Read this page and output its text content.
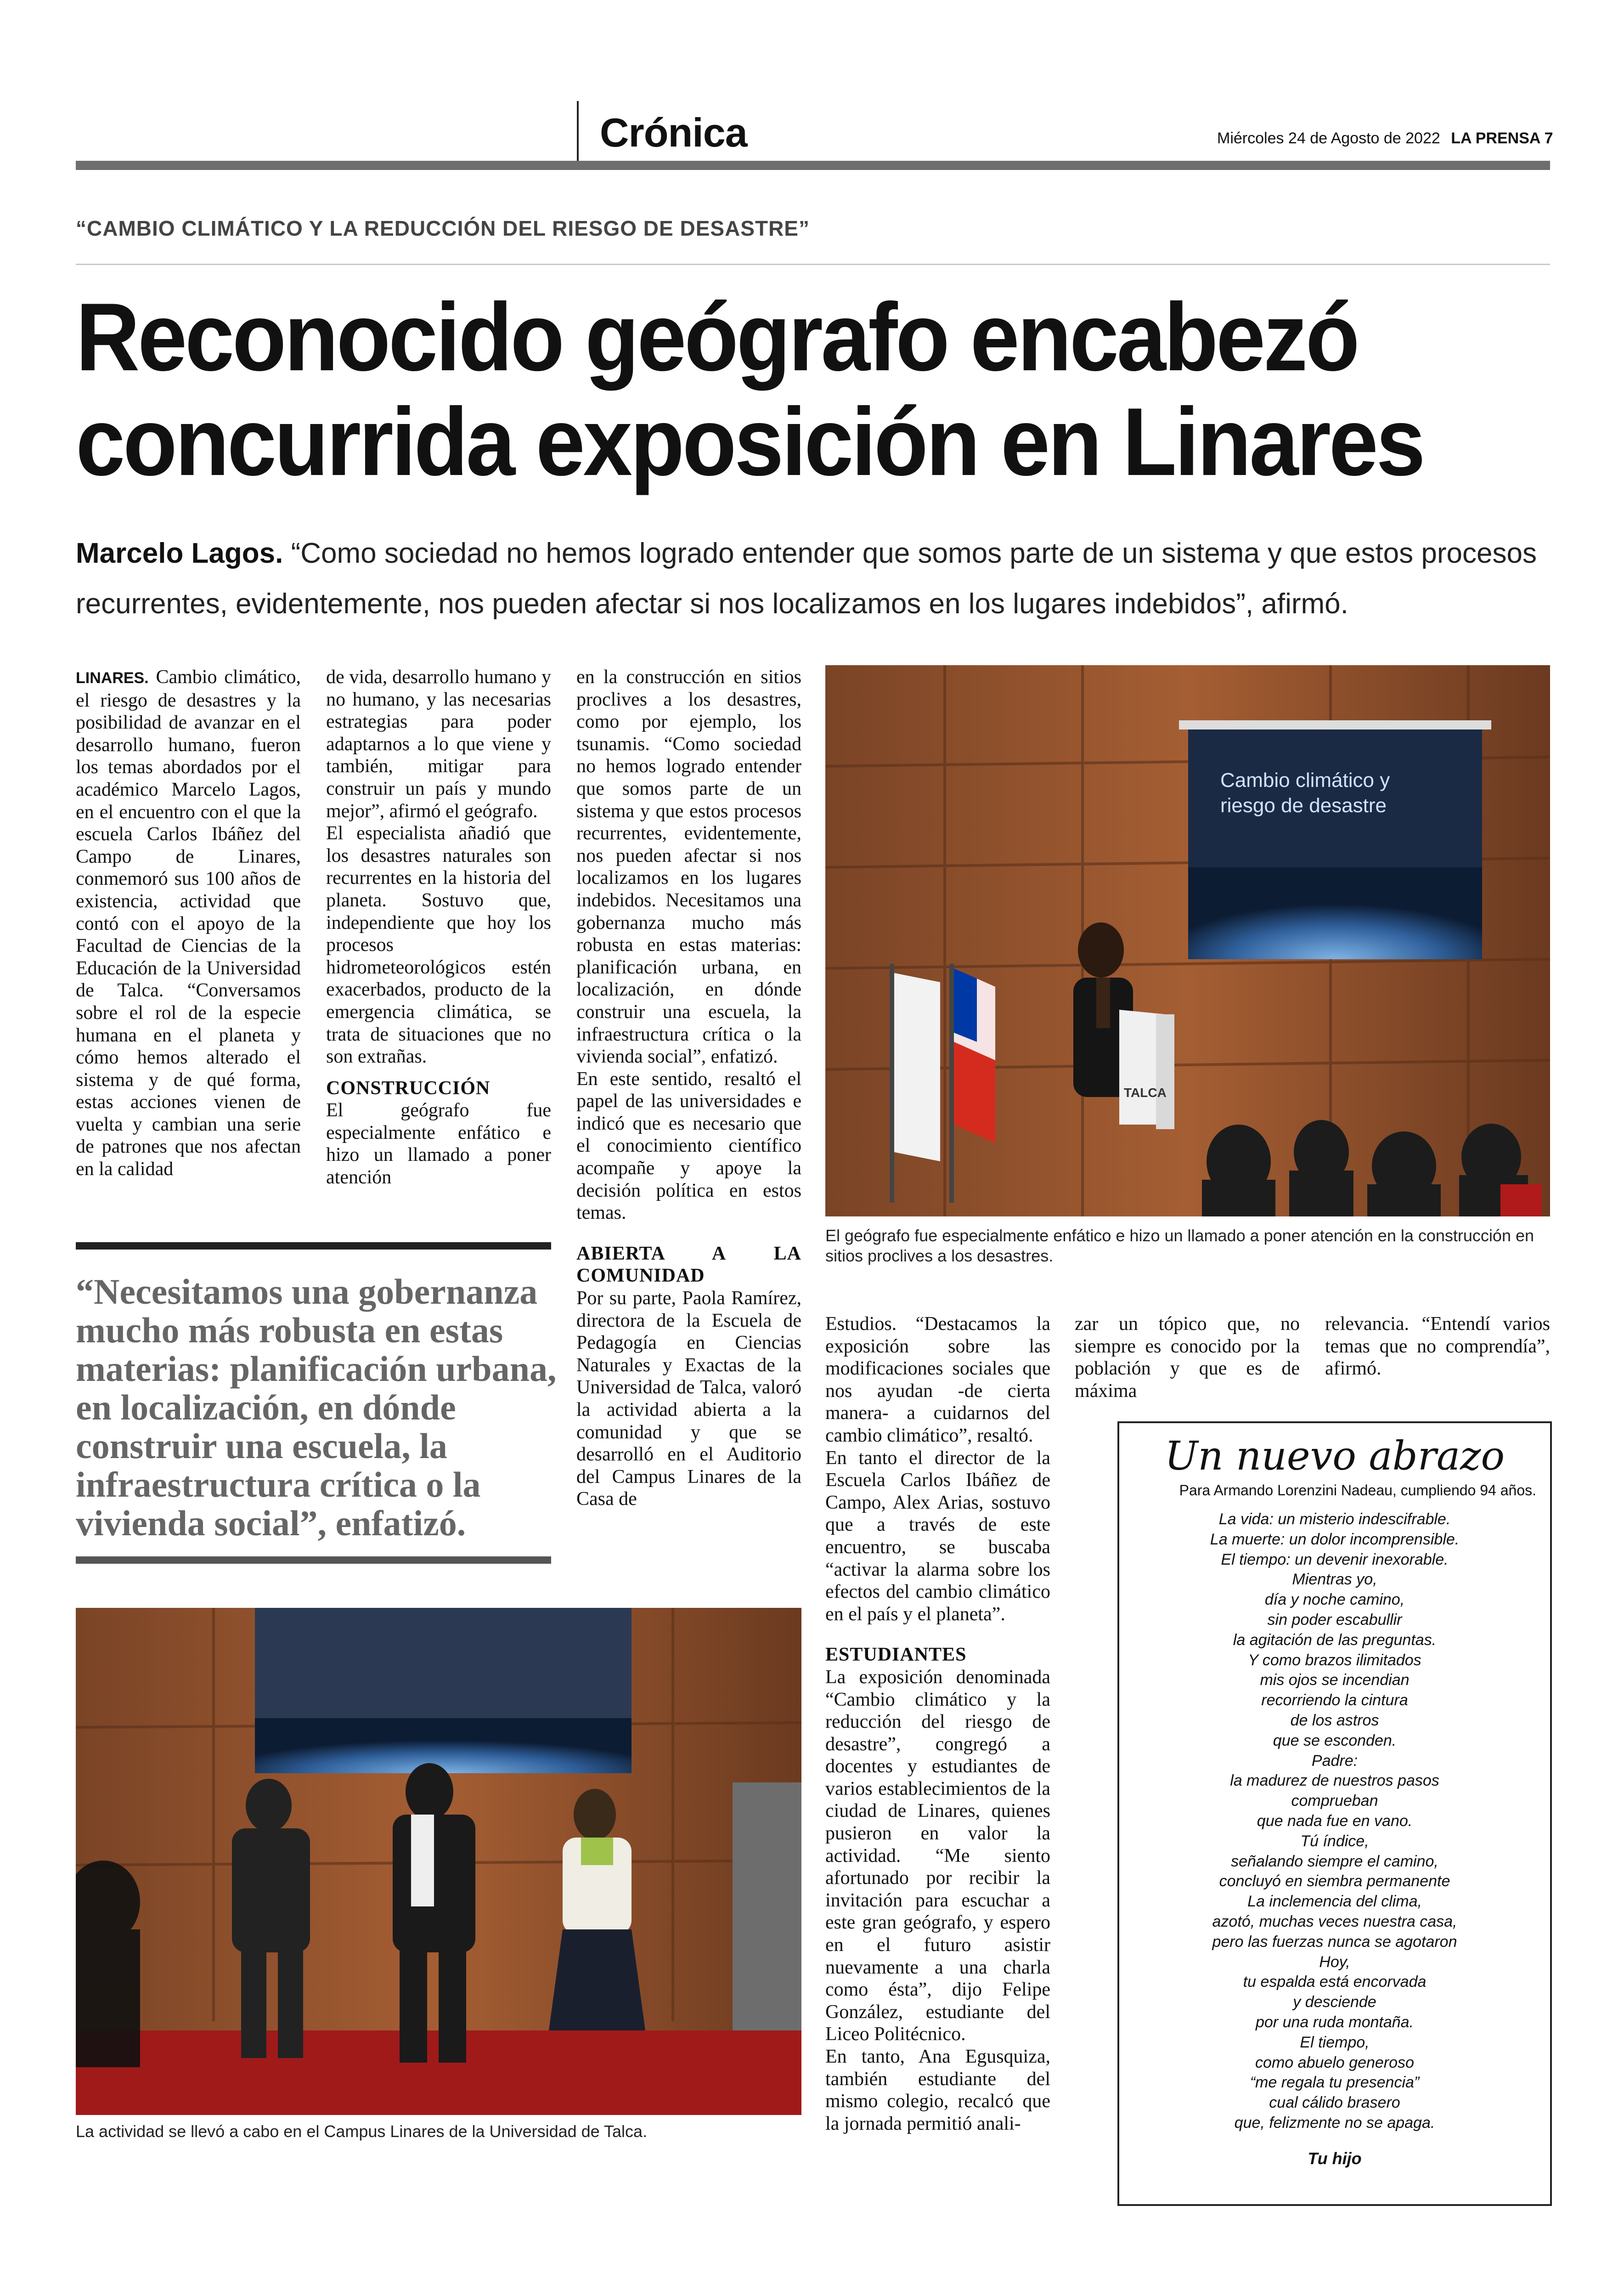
Crónica	Miércoles 24 de Agosto de 2022 LA PRENSA 7
“CAMBIO CLIMÁTICO Y LA REDUCCIÓN DEL RIESGO DE DESASTRE”
Reconocido geógrafo encabezó
concurrida exposición en Linares
Marcelo Lagos. “Como sociedad no hemos logrado entender que somos parte de un sistema y que estos procesos recurrentes, evidentemente, nos pueden afectar si nos localizamos en los lugares indebidos”, afirmó.

LINARES. Cambio climático, el riesgo de desastres y la posibilidad de avanzar en el desarrollo humano, fueron los temas abordados por el académico Marcelo Lagos, en el encuentro con el que la escuela Carlos Ibáñez del Campo de Linares, conmemoró sus 100 años de existencia, actividad que contó con el apoyo de la Facultad de Ciencias de la Educación de la Universidad de Talca. “Conversamos sobre el rol de la especie humana en el planeta y cómo hemos alterado el sistema y de qué forma, estas acciones vienen de vuelta y cambian una serie de patrones que nos afectan en la calidad

de vida, desarrollo humano y no humano, y las necesarias estrategias para poder adaptarnos a lo que viene y también, mitigar para construir un país y mundo mejor”, afirmó el geógrafo.

El especialista añadió que los desastres naturales son recurrentes en la historia del planeta. Sostuvo que, independiente que hoy los procesos hidrometeorológicos estén exacerbados, producto de la emergencia climática, se trata de situaciones que no son extrañas.

CONSTRUCCIÓN

El geógrafo fue especialmente enfático e hizo un llamado a poner atención

“Necesitamos una gobernanza mucho más robusta en estas materias: planificación urbana, en localización, en dónde construir una escuela, la infraestructura crítica o la vivienda social”, enfatizó.

en la construcción en sitios proclives a los desastres, como por ejemplo, los tsunamis. “Como sociedad no hemos logrado entender que somos parte de un sistema y que estos procesos recurrentes, evidentemente, nos pueden afectar si nos localizamos en los lugares indebidos. Necesitamos una gobernanza mucho más robusta en estas materias: planificación urbana, en localización, en dónde construir una escuela, la infraestructura crítica o la vivienda social”, enfatizó.

En este sentido, resaltó el papel de las universidades e indicó que es necesario que el conocimiento científico acompañe y apoye la decisión política en estos temas.

ABIERTA A LA COMUNIDAD

Por su parte, Paola Ramírez, directora de la Escuela de Pedagogía en Ciencias Naturales y Exactas de la Universidad de Talca, valoró la actividad abierta a la comunidad y que se desarrolló en el Auditorio del Campus Linares de la Casa de

Cambio climático y
riesgo de desastre
TALCA
El geógrafo fue especialmente enfático e hizo un llamado a poner atención en la construcción en sitios proclives a los desastres.
La actividad se llevó a cabo en el Campus Linares de la Universidad de Talca.

Estudios. “Destacamos la exposición sobre las modificaciones sociales que nos ayudan -de cierta manera- a cuidarnos del cambio climático”, resaltó.

En tanto el director de la Escuela Carlos Ibáñez de Campo, Alex Arias, sostuvo que a través de este encuentro, se buscaba “activar la alarma sobre los efectos del cambio climático en el país y el planeta”.

ESTUDIANTES

La exposición denominada “Cambio climático y la reducción del riesgo de desastre”, congregó a docentes y estudiantes de varios establecimientos de la ciudad de Linares, quienes pusieron en valor la actividad. “Me siento afortunado por recibir la invitación para escuchar a este gran geógrafo, y espero en el futuro asistir nuevamente a una charla como ésta”, dijo Felipe González, estudiante del Liceo Politécnico.

En tanto, Ana Egusquiza, también estudiante del mismo colegio, recalcó que la jornada permitió anali-

zar un tópico que, no siempre es conocido por la población y que es de máxima

relevancia. “Entendí varios temas que no comprendía”, afirmó.

Un nuevo abrazo
Para Armando Lorenzini Nadeau, cumpliendo 94 años.
La vida: un misterio indescifrable.
La muerte: un dolor incomprensible.
El tiempo: un devenir inexorable.
Mientras yo,
día y noche camino,
sin poder escabullir
la agitación de las preguntas.
Y como brazos ilimitados
mis ojos se incendian
recorriendo la cintura
de los astros
que se esconden.
Padre:
la madurez de nuestros pasos
comprueban
que nada fue en vano.
Tú índice,
señalando siempre el camino,
concluyó en siembra permanente
La inclemencia del clima,
azotó, muchas veces nuestra casa,
pero las fuerzas nunca se agotaron
Hoy,
tu espalda está encorvada
y desciende
por una ruda montaña.
El tiempo,
como abuelo generoso
“me regala tu presencia”
cual cálido brasero
que, felizmente no se apaga.
Tu hijo
